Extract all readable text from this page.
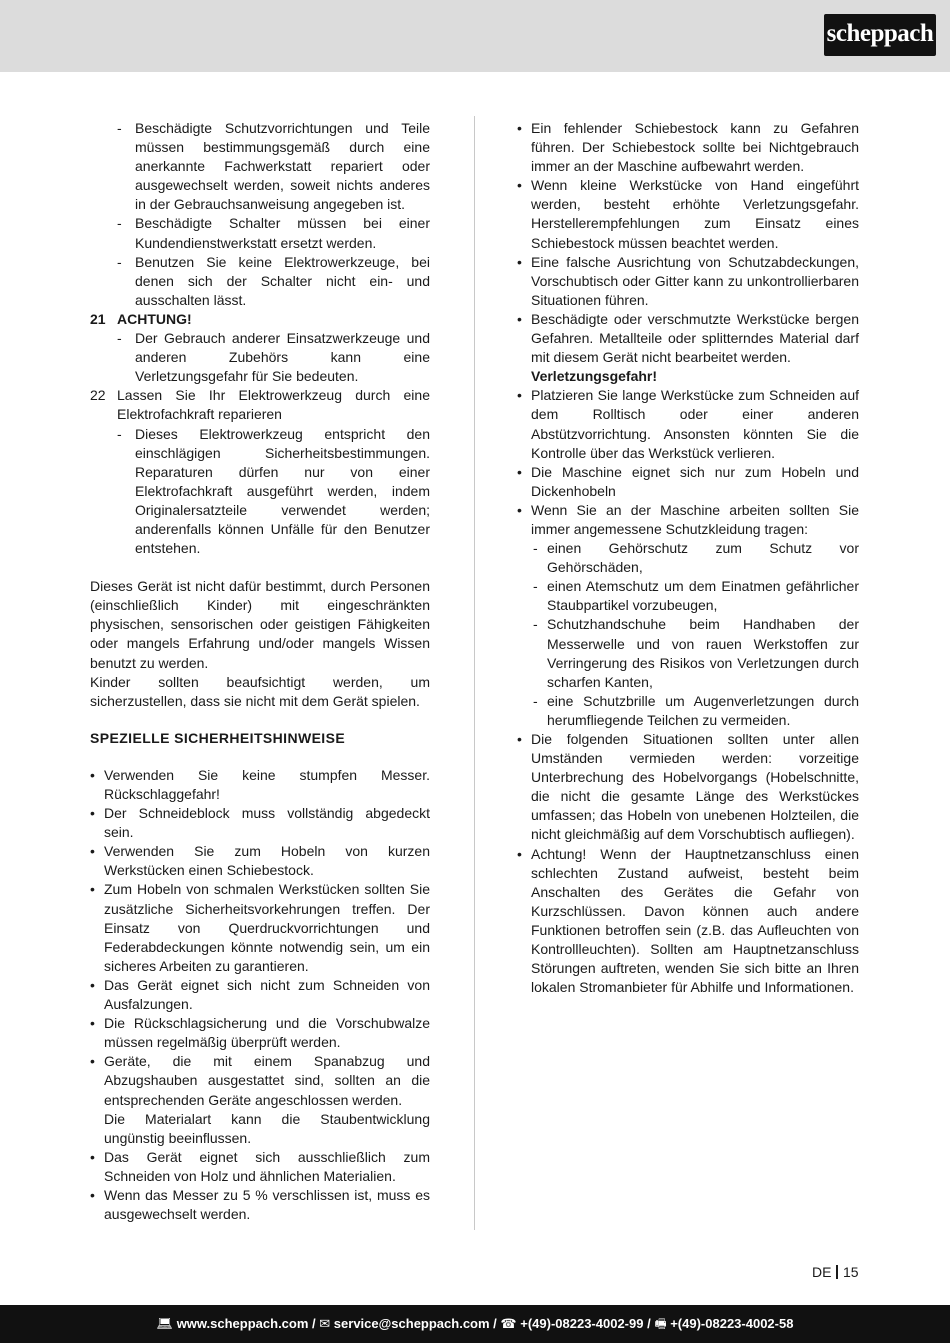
scheppach
- Beschädigte Schutzvorrichtungen und Teile müssen bestimmungsgemäß durch eine anerkannte Fachwerkstatt repariert oder ausgewechselt werden, soweit nichts anderes in der Gebrauchsanweisung angegeben ist.
- Beschädigte Schalter müssen bei einer Kundendienstwerkstatt ersetzt werden.
- Benutzen Sie keine Elektrowerkzeuge, bei denen sich der Schalter nicht ein- und ausschalten lässt.
21 ACHTUNG!
- Der Gebrauch anderer Einsatzwerkzeuge und anderen Zubehörs kann eine Verletzungsgefahr für Sie bedeuten.
22 Lassen Sie Ihr Elektrowerkzeug durch eine Elektrofachkraft reparieren
- Dieses Elektrowerkzeug entspricht den einschlägigen Sicherheitsbestimmungen. Reparaturen dürfen nur von einer Elektrofachkraft ausgeführt werden, indem Originalersatzteile verwendet werden; anderenfalls können Unfälle für den Benutzer entstehen.

Dieses Gerät ist nicht dafür bestimmt, durch Personen (einschließlich Kinder) mit eingeschränkten physischen, sensorischen oder geistigen Fähigkeiten oder mangels Erfahrung und/oder mangels Wissen benutzt zu werden.

Kinder sollten beaufsichtigt werden, um sicherzustellen, dass sie nicht mit dem Gerät spielen.

SPEZIELLE SICHERHEITSHINWEISE

• Verwenden Sie keine stumpfen Messer. Rückschlaggefahr!
• Der Schneideblock muss vollständig abgedeckt sein.
• Verwenden Sie zum Hobeln von kurzen Werkstücken einen Schiebestock.
• Zum Hobeln von schmalen Werkstücken sollten Sie zusätzliche Sicherheitsvorkehrungen treffen. Der Einsatz von Querdruckvorrichtungen und Federabdeckungen könnte notwendig sein, um ein sicheres Arbeiten zu garantieren.
• Das Gerät eignet sich nicht zum Schneiden von Ausfalzungen.
• Die Rückschlagsicherung und die Vorschubwalze müssen regelmäßig überprüft werden.
• Geräte, die mit einem Spanabzug und Abzugshauben ausgestattet sind, sollten an die entsprechenden Geräte angeschlossen werden.
Die Materialart kann die Staubentwicklung ungünstig beeinflussen.
• Das Gerät eignet sich ausschließlich zum Schneiden von Holz und ähnlichen Materialien.
• Wenn das Messer zu 5 % verschlissen ist, muss es ausgewechselt werden.
• Ein fehlender Schiebestock kann zu Gefahren führen. Der Schiebestock sollte bei Nichtgebrauch immer an der Maschine aufbewahrt werden.
• Wenn kleine Werkstücke von Hand eingeführt werden, besteht erhöhte Verletzungsgefahr. Herstellerempfehlungen zum Einsatz eines Schiebestock müssen beachtet werden.
• Eine falsche Ausrichtung von Schutzabdeckungen, Vorschubtisch oder Gitter kann zu unkontrollierbaren Situationen führen.
• Beschädigte oder verschmutzte Werkstücke bergen Gefahren. Metallteile oder splitterndes Material darf mit diesem Gerät nicht bearbeitet werden.
Verletzungsgefahr!
• Platzieren Sie lange Werkstücke zum Schneiden auf dem Rolltisch oder einer anderen Abstützvorrichtung. Ansonsten könnten Sie die Kontrolle über das Werkstück verlieren.
• Die Maschine eignet sich nur zum Hobeln und Dickenhobeln
• Wenn Sie an der Maschine arbeiten sollten Sie immer angemessene Schutzkleidung tragen:
- einen Gehörschutz zum Schutz vor Gehörschäden,
- einen Atemschutz um dem Einatmen gefährlicher Staubpartikel vorzubeugen,
- Schutzhandschuhe beim Handhaben der Messerwelle und von rauen Werkstoffen zur Verringerung des Risikos von Verletzungen durch scharfen Kanten,
- eine Schutzbrille um Augenverletzungen durch herumfliegende Teilchen zu vermeiden.
• Die folgenden Situationen sollten unter allen Umständen vermieden werden: vorzeitige Unterbrechung des Hobelvorgangs (Hobelschnitte, die nicht die gesamte Länge des Werkstückes umfassen; das Hobeln von unebenen Holzteilen, die nicht gleichmäßig auf dem Vorschubtisch aufliegen).
• Achtung! Wenn der Hauptnetzanschluss einen schlechten Zustand aufweist, besteht beim Anschalten des Gerätes die Gefahr von Kurzschlüssen. Davon können auch andere Funktionen betroffen sein (z.B. das Aufleuchten von Kontrollleuchten). Sollten am Hauptnetzanschluss Störungen auftreten, wenden Sie sich bitte an Ihren lokalen Stromanbieter für Abhilfe und Informationen.
DE 15
💻︎ www.scheppach.com / ✉︎ service@scheppach.com / ☎︎ +(49)-08223-4002-99 / 🖷︎ +(49)-08223-4002-58
